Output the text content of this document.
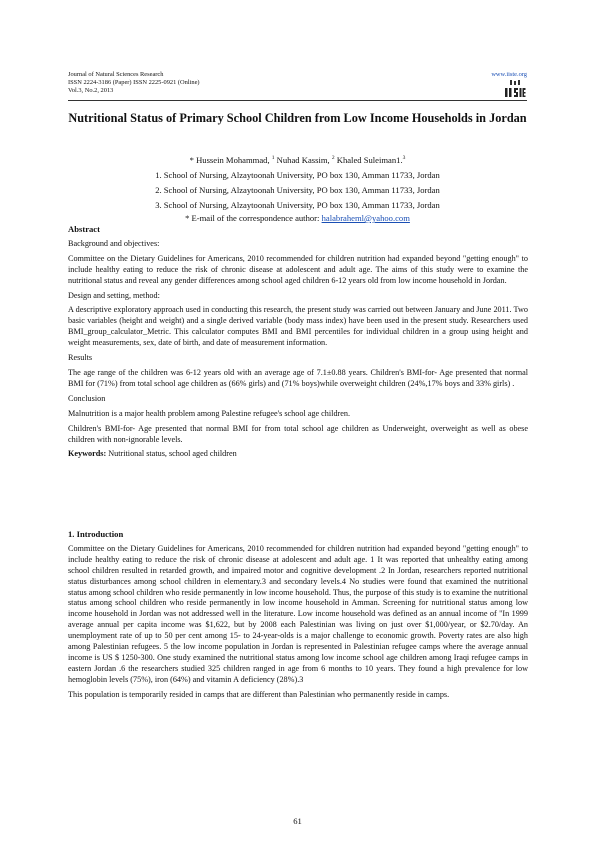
Journal of Natural Sciences Research
ISSN 2224-3186 (Paper) ISSN 2225-0921 (Online)
Vol.3, No.2, 2013
www.iiste.org
Nutritional Status of Primary School Children from Low Income Households in Jordan
* Hussein Mohammad, $^1$ Nuhad Kassim, $^2$ Khaled Suleiman1.$^3$
1. School of Nursing, Alzaytoonah University, PO box 130, Amman 11733, Jordan
2. School of Nursing, Alzaytoonah University, PO box 130, Amman 11733, Jordan
3. School of Nursing, Alzaytoonah University, PO box 130, Amman 11733, Jordan
* E-mail of the correspondence author: halabraheml@yahoo.com
Abstract

Background and objectives:

Committee on the Dietary Guidelines for Americans, 2010 recommended for children nutrition had expanded beyond "getting enough" to include healthy eating to reduce the risk of chronic disease at adolescent and adult age. The aims of this study were to examine the nutritional status and reveal any gender differences among school aged children 6-12 years old from low income household in Jordan.

Design and setting, method:

A descriptive exploratory approach used in conducting this research, the present study was carried out between January and June 2011. Two basic variables (height and weight) and a single derived variable (body mass index) have been used in the present study. Researchers used BMI_group_calculator_Metric. This calculator computes BMI and BMI percentiles for individual children in a group using height and weight measurements, sex, date of birth, and date of measurement information.

Results

The age range of the children was 6-12 years old with an average age of 7.1±0.88 years. Children's BMI-for- Age presented that normal BMI for (71%) from total school age children as (66% girls) and (71% boys)while overweight children (24%,17% boys and 33% girls) .

Conclusion

Malnutrition is a major health problem among Palestine refugee's school age children.

Children's BMI-for- Age presented that normal BMI for from total school age children as Underweight, overweight as well as obese children with non-ignorable levels.

Keywords: Nutritional status, school aged children

1. Introduction

Committee on the Dietary Guidelines for Americans, 2010 recommended for children nutrition had expanded beyond "getting enough" to include healthy eating to reduce the risk of chronic disease at adolescent and adult age. 1 It was reported that unhealthy eating among school children resulted in retarded growth, and impaired motor and cognitive development .2 In Jordan, researchers reported nutritional status disturbances among school children in elementary.3 and secondary levels.4 No studies were found that examined the nutritional status among school children who reside permanently in low income household. Thus, the purpose of this study is to examine the nutritional status among school children who reside permanently in low income household in Amman. Screening for nutritional status among low income household in Jordan was not addressed well in the literature. Low income household was defined as an annual income of "In 1999 average annual per capita income was $1,622, but by 2008 each Palestinian was living on just over $1,000/year, or $2.70/day. An unemployment rate of up to 50 per cent among 15- to 24-year-olds is a major challenge to economic growth. Poverty rates are also high among Palestinian refugees. 5 the low income population in Jordan is represented in Palestinian refugee camps where the average annual income is US $ 1250-300. One study examined the nutritional status among low income school age children among Iraqi refugee camps in eastern Jordan .6 the researchers studied 325 children ranged in age from 6 months to 10 years. They found a high prevalence for low hemoglobin levels (75%), iron (64%) and vitamin A deficiency (28%).3

This population is temporarily resided in camps that are different than Palestinian who permanently reside in camps.

61
